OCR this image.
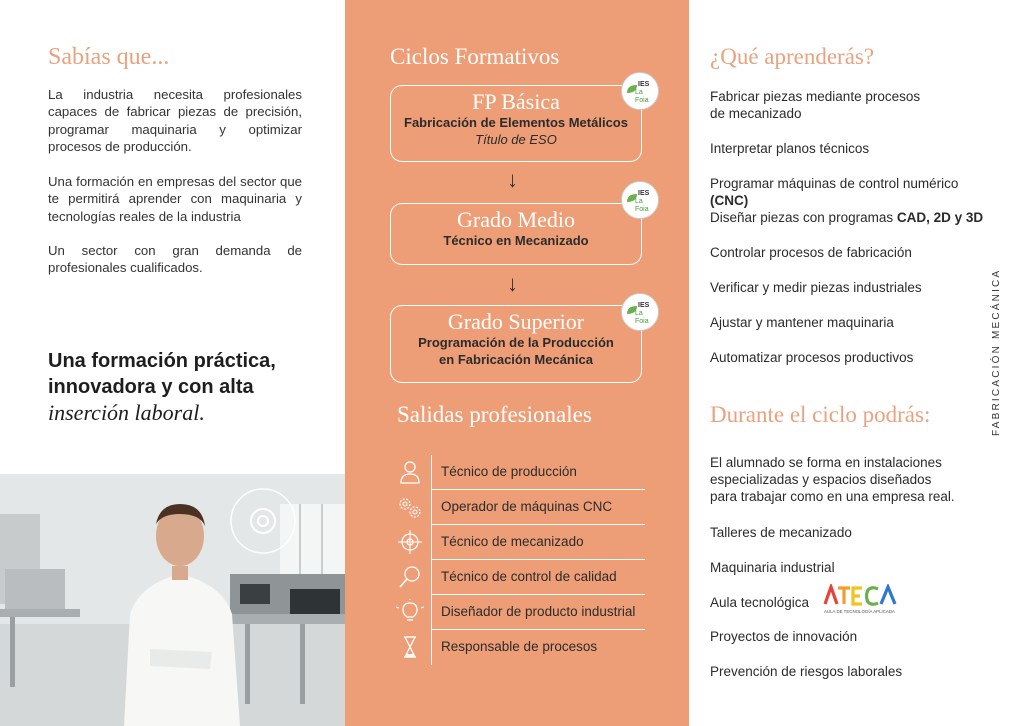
Sabías que...

La industria necesita profesionales capaces de fabricar piezas de precisión, programar maquinaria y optimizar procesos de producción.

Una formación en empresas del sector que te permitirá aprender con maquinaria y tecnologías reales de la industria

Un sector con gran demanda de profesionales cualificados.

Una formación práctica,
innovadora y con alta
inserción laboral.
Ciclos Formativos
FP Básica
Fabricación de Elementos Metálicos
Título de ESO
IES
La Foia
↓
Grado Medio
Técnico en Mecanizado
IES
La Foia
↓
Grado Superior
Programación de la Producción
en Fabricación Mecánica
IES
La Foia
Salidas profesionales
Técnico de producción
Operador de máquinas CNC
Técnico de mecanizado
Técnico de control de calidad
Diseñador de producto industrial
Responsable de procesos
¿Qué aprenderás?
Fabricar piezas mediante procesos
de mecanizado
Interpretar planos técnicos
Programar máquinas de control numérico (CNC)
Diseñar piezas con programas CAD, 2D y 3D
Controlar procesos de fabricación
Verificar y medir piezas industriales
Ajustar y mantener maquinaria
Automatizar procesos productivos
Durante el ciclo podrás:
El alumnado se forma en instalaciones
especializadas y espacios diseñados
para trabajar como en una empresa real.
Talleres de mecanizado
Maquinaria industrial
Aula tecnológica
Proyectos de innovación
Prevención de riesgos laborales
AULA DE TECNOLOGÍA APLICADA
FABRICACIÓN MECÁNICA
